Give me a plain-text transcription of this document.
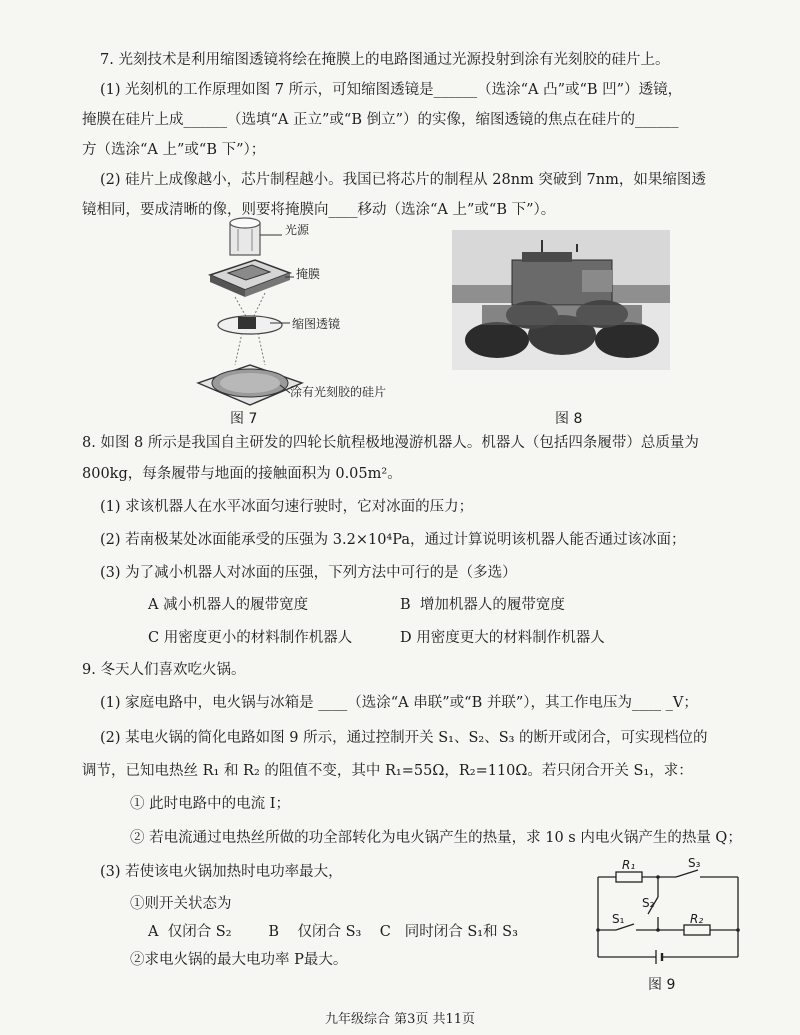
7. 光刻技术是利用缩图透镜将绘在掩膜上的电路图通过光源投射到涂有光刻胶的硅片上。
(1) 光刻机的工作原理如图 7 所示，可知缩图透镜是______（选涂“A 凸”或“B 凹”）透镜，
掩膜在硅片上成______（选填“A 正立”或“B 倒立”）的实像，缩图透镜的焦点在硅片的______
方（选涂“A 上”或“B 下”）；
(2) 硅片上成像越小，芯片制程越小。我国已将芯片的制程从 28nm 突破到 7nm，如果缩图透
镜相同，要成清晰的像，则要将掩膜向____移动（选涂“A 上”或“B 下”）。
光源
掩膜
缩图透镜
涂有光刻胶的硅片
图 7	图 8
8. 如图 8 所示是我国自主研发的四轮长航程极地漫游机器人。机器人（包括四条履带）总质量为
800kg，每条履带与地面的接触面积为 0.05m²。
(1) 求该机器人在水平冰面匀速行驶时，它对冰面的压力；
(2) 若南极某处冰面能承受的压强为 3.2×10⁴Pa，通过计算说明该机器人能否通过该冰面；
(3) 为了减小机器人对冰面的压强，下列方法中可行的是（多选）
A 减小机器人的履带宽度	B  增加机器人的履带宽度
C 用密度更小的材料制作机器人	D 用密度更大的材料制作机器人
9. 冬天人们喜欢吃火锅。
(1) 家庭电路中，电火锅与冰箱是 ____（选涂“A 串联”或“B 并联”），其工作电压为____ _V；
(2) 某电火锅的简化电路如图 9 所示，通过控制开关 S₁、S₂、S₃ 的断开或闭合，可实现档位的
调节，已知电热丝 R₁ 和 R₂ 的阻值不变，其中 R₁=55Ω，R₂=110Ω。若只闭合开关 S₁，求：
① 此时电路中的电流 I；
② 若电流通过电热丝所做的功全部转化为电火锅产生的热量，求 10 s 内电火锅产生的热量 Q；
(3) 若使该电火锅加热时电功率最大，
①则开关状态为
A  仅闭合 S₂        B    仅闭合 S₃    C   同时闭合 S₁和 S₃
②求电火锅的最大电功率 P最大。
R₁	S₃
S₂
S₁	R₂
图 9
九年级综合 第3页 共11页
